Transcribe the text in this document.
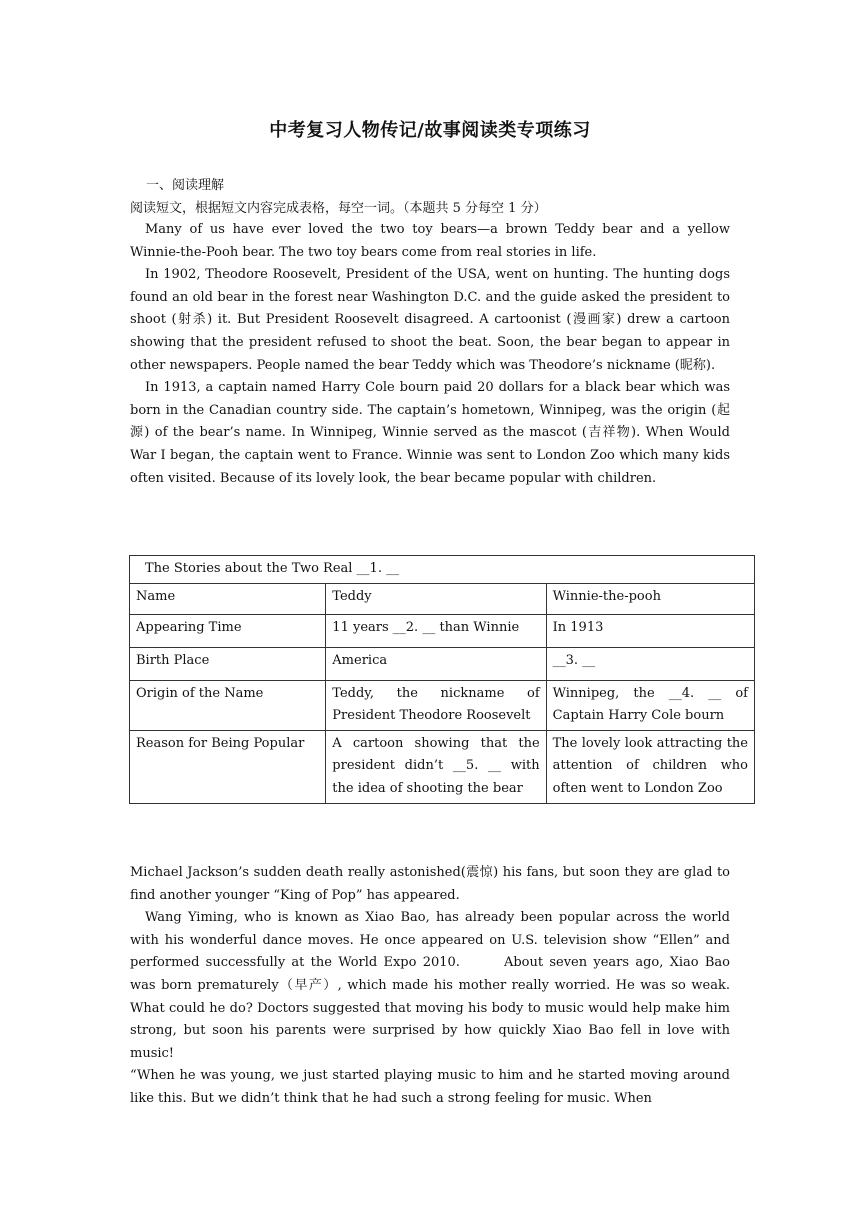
中考复习人物传记/故事阅读类专项练习
一、阅读理解
阅读短文，根据短文内容完成表格，每空一词。（本题共 5 分每空 1 分）

Many of us have ever loved the two toy bears—a brown Teddy bear and a yellow Winnie-the-Pooh bear. The two toy bears come from real stories in life.

In 1902, Theodore Roosevelt, President of the USA, went on hunting. The hunting dogs found an old bear in the forest near Washington D.C. and the guide asked the president to shoot (射杀) it. But President Roosevelt disagreed. A cartoonist (漫画家) drew a cartoon showing that the president refused to shoot the beat. Soon, the bear began to appear in other newspapers. People named the bear Teddy which was Theodore’s nickname (昵称).

In 1913, a captain named Harry Cole bourn paid 20 dollars for a black bear which was born in the Canadian country side. The captain’s hometown, Winnipeg, was the origin (起源) of the bear’s name. In Winnipeg, Winnie served as the mascot (吉祥物). When Would War I began, the captain went to France. Winnie was sent to London Zoo which many kids often visited. Because of its lovely look, the bear became popular with children.

The Stories about the Two Real __1. __		
Name	Teddy	Winnie-the-pooh
Appearing Time	11 years __2. __ than Winnie	In 1913
Birth Place	America	__3. __
Origin of the Name	Teddy, the nickname of President Theodore Roosevelt	Winnipeg, the __4. __ of Captain Harry Cole bourn
Reason for Being Popular	A cartoon showing that the president didn’t __5. __ with the idea of shooting the bear	The lovely look attracting the attention of children who often went to London Zoo

Michael Jackson’s sudden death really astonished(震惊) his fans, but soon they are glad to find another younger “King of Pop” has appeared.

Wang Yiming, who is known as Xiao Bao, has already been popular across the world with his wonderful dance moves. He once appeared on U.S. television show “Ellen” and performed successfully at the World Expo 2010.	About seven years ago, Xiao Bao was born prematurely（早产）, which made his mother really worried. He was so weak. What could he do? Doctors suggested that moving his body to music would help make him strong, but soon his parents were surprised by how quickly Xiao Bao fell in love with music!

“When he was young, we just started playing music to him and he started moving around like this. But we didn’t think that he had such a strong feeling for music. When
